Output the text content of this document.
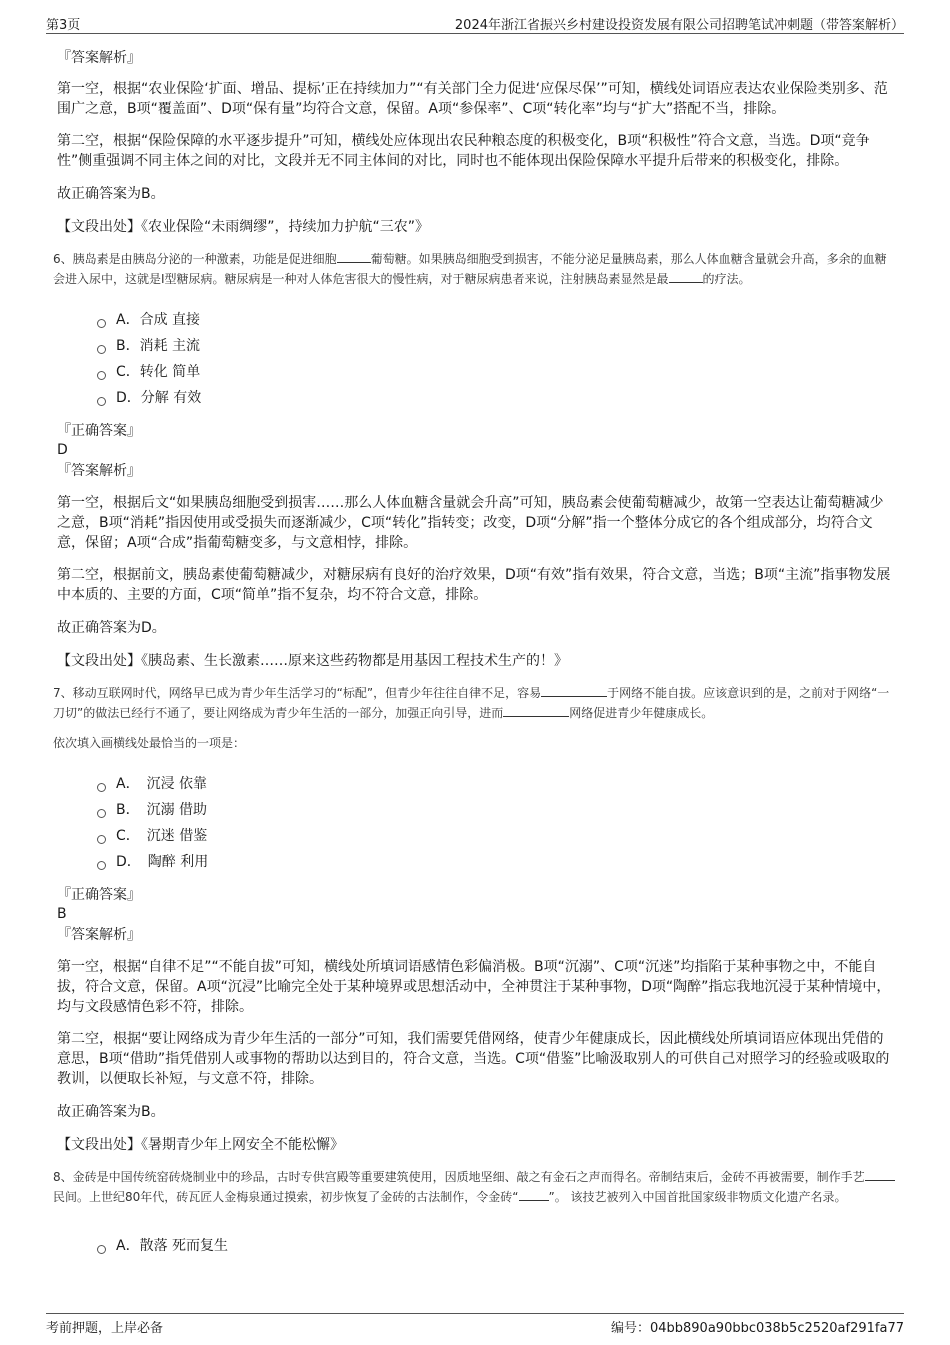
第3页	2024年浙江省振兴乡村建设投资发展有限公司招聘笔试冲刺题（带答案解析）
『答案解析』
第一空，根据“农业保险‘扩面、增品、提标’正在持续加力”“有关部门全力促进‘应保尽保’”可知，横线处词语应表达农业保险类别多、范围广之意，B项“覆盖面”、D项“保有量”均符合文意，保留。A项“参保率”、C项“转化率”均与“扩大”搭配不当，排除。
第二空，根据“保险保障的水平逐步提升”可知，横线处应体现出农民种粮态度的积极变化，B项“积极性”符合文意，当选。D项“竞争性”侧重强调不同主体之间的对比，文段并无不同主体间的对比，同时也不能体现出保险保障水平提升后带来的积极变化，排除。
故正确答案为B。
【文段出处】《农业保险“未雨绸缪”，持续加力护航“三农”》
6、胰岛素是由胰岛分泌的一种激素，功能是促进细胞	葡萄糖。如果胰岛细胞受到损害，不能分泌足量胰岛素，那么人体血糖含量就会升高，多余的血糖会进入尿中，这就是I型糖尿病。糖尿病是一种对人体危害很大的慢性病，对于糖尿病患者来说，注射胰岛素显然是最	的疗法。
A．合成 直接
B．消耗 主流
C．转化 简单
D．分解 有效
『正确答案』
D
『答案解析』
第一空，根据后文“如果胰岛细胞受到损害……那么人体血糖含量就会升高”可知，胰岛素会使葡萄糖减少，故第一空表达让葡萄糖减少之意，B项“消耗”指因使用或受损失而逐渐减少，C项“转化”指转变；改变，D项“分解”指一个整体分成它的各个组成部分，均符合文意，保留；A项“合成”指葡萄糖变多，与文意相悖，排除。
第二空，根据前文，胰岛素使葡萄糖减少，对糖尿病有良好的治疗效果，D项“有效”指有效果，符合文意，当选；B项“主流”指事物发展中本质的、主要的方面，C项“简单”指不复杂，均不符合文意，排除。
故正确答案为D。
【文段出处】《胰岛素、生长激素……原来这些药物都是用基因工程技术生产的！》
7、移动互联网时代，网络早已成为青少年生活学习的“标配”，但青少年往往自律不足，容易	于网络不能自拔。应该意识到的是，之前对于网络“一刀切”的做法已经行不通了，要让网络成为青少年生活的一部分，加强正向引导，进而	网络促进青少年健康成长。
依次填入画横线处最恰当的一项是：
A．　沉浸 依靠
B．　沉溺 借助
C．　沉迷 借鉴
D．　陶醉 利用
『正确答案』
B
『答案解析』
第一空，根据“自律不足”“不能自拔”可知，横线处所填词语感情色彩偏消极。B项“沉溺”、C项“沉迷”均指陷于某种事物之中，不能自拔，符合文意，保留。A项“沉浸”比喻完全处于某种境界或思想活动中，全神贯注于某种事物，D项“陶醉”指忘我地沉浸于某种情境中，均与文段感情色彩不符，排除。
第二空，根据“要让网络成为青少年生活的一部分”可知，我们需要凭借网络，使青少年健康成长，因此横线处所填词语应体现出凭借的意思，B项“借助”指凭借别人或事物的帮助以达到目的，符合文意，当选。C项“借鉴”比喻汲取别人的可供自己对照学习的经验或吸取的教训，以便取长补短，与文意不符，排除。
故正确答案为B。
【文段出处】《暑期青少年上网安全不能松懈》
8、金砖是中国传统窑砖烧制业中的珍品，古时专供宫殿等重要建筑使用，因质地坚细、敲之有金石之声而得名。帝制结束后，金砖不再被需要，制作手艺民间。上世纪80年代，砖瓦匠人金梅泉通过摸索，初步恢复了金砖的古法制作，令金砖“	”。 该技艺被列入中国首批国家级非物质文化遗产名录。
A．散落 死而复生
考前押题，上岸必备	编号：04bb890a90bbc038b5c2520af291fa77
